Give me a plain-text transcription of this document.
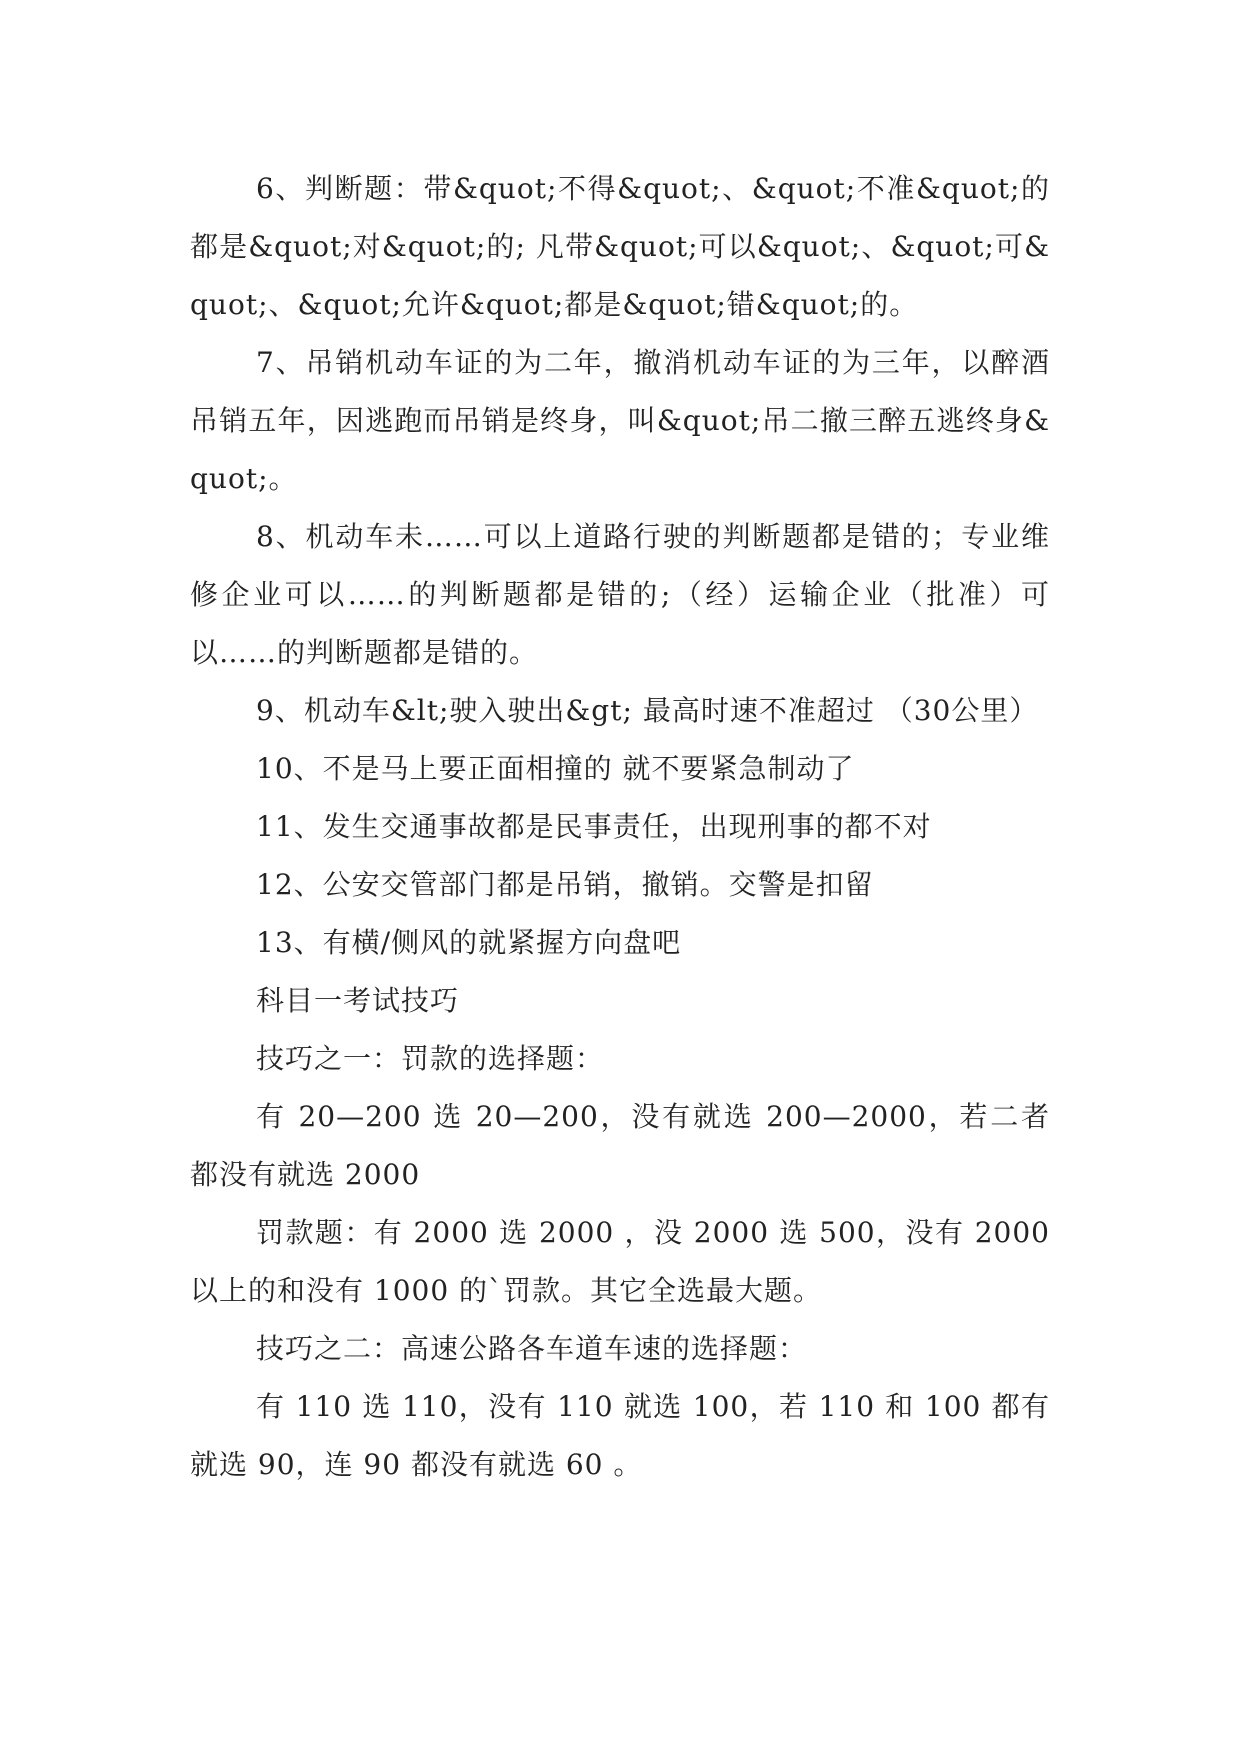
6、判断题：带&quot;不得&quot;、&quot;不准&quot;的都是&quot;对&quot;的; 凡带&quot;可以&quot;、&quot;可&quot;、&quot;允许&quot;都是&quot;错&quot;的。

7、吊销机动车证的为二年，撤消机动车证的为三年，以醉酒吊销五年，因逃跑而吊销是终身，叫&quot;吊二撤三醉五逃终身&quot;。

8、机动车未……可以上道路行驶的判断题都是错的；专业维修企业可以……的判断题都是错的;（经）运输企业（批准）可以……的判断题都是错的。

9、机动车&lt;驶入驶出&gt; 最高时速不准超过 （30公里）

10、不是马上要正面相撞的 就不要紧急制动了

11、发生交通事故都是民事责任，出现刑事的都不对

12、公安交管部门都是吊销，撤销。交警是扣留

13、有横/侧风的就紧握方向盘吧

科目一考试技巧

技巧之一：罚款的选择题：

有 20—200 选 20—200，没有就选 200—2000，若二者都没有就选 2000

罚款题：有 2000 选 2000 ，没 2000 选 500，没有 2000 以上的和没有 1000 的`罚款。其它全选最大题。

技巧之二：高速公路各车道车速的选择题：

有 110 选 110，没有 110 就选 100，若 110 和 100 都有就选 90，连 90 都没有就选 60 。
